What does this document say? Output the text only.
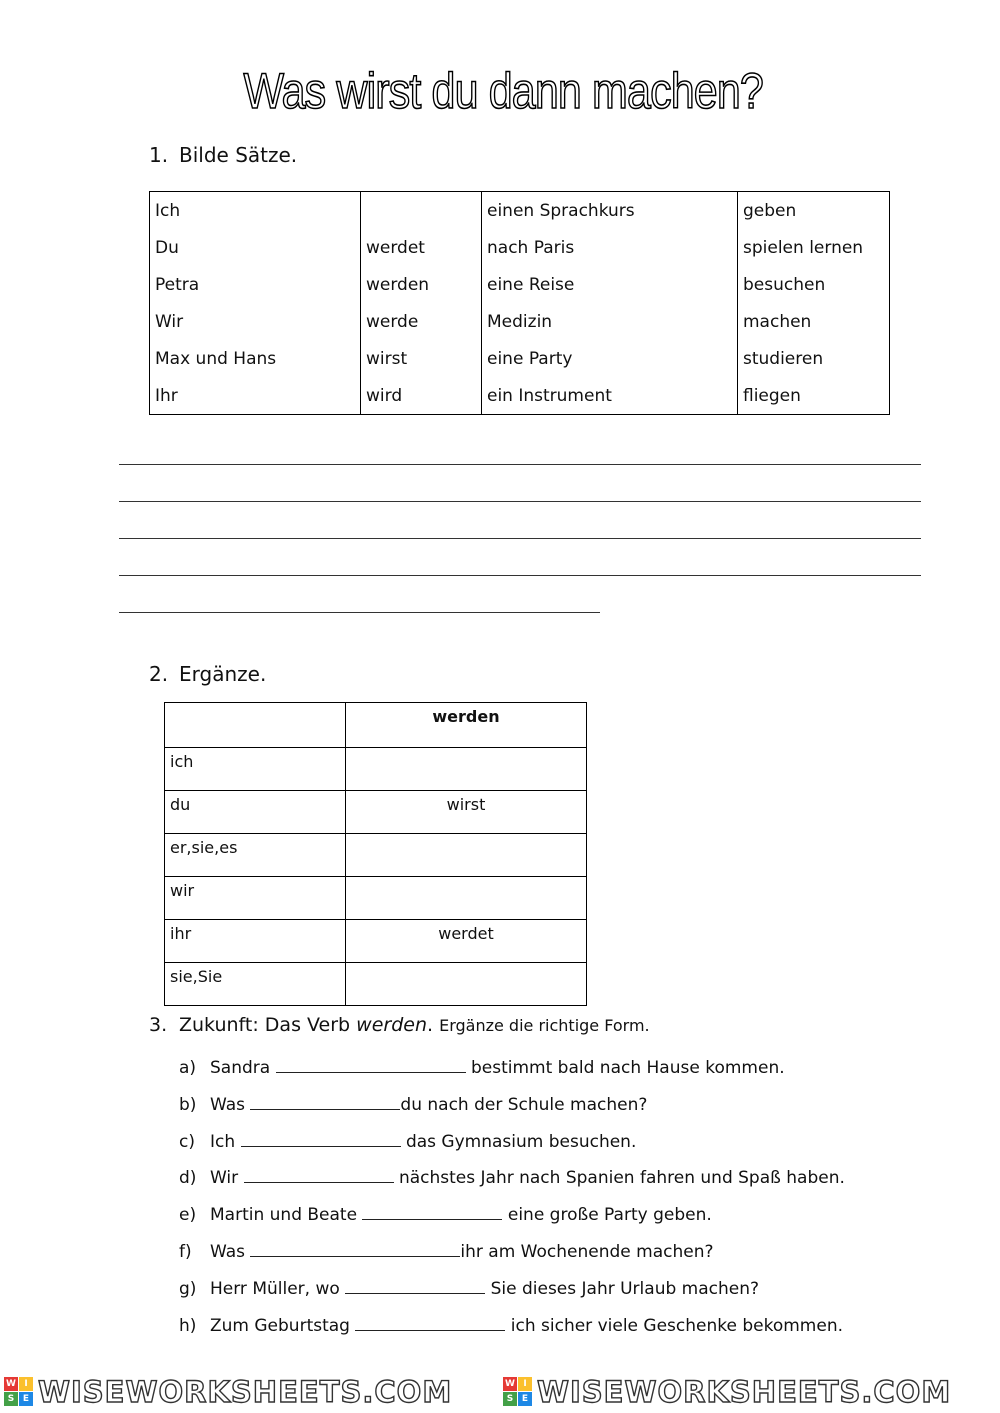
Was wirst du dann machen?
1. Bilde Sätze.
Ich		einen Sprachkurs	geben
Du	werdet	nach Paris	spielen lernen
Petra	werden	eine Reise	besuchen
Wir	werde	Medizin	machen
Max und Hans	wirst	eine Party	studieren
Ihr	wird	ein Instrument	fliegen
2. Ergänze.
	werden
ich	
du	wirst
er,sie,es	
wir	
ihr	werdet
sie,Sie	
3. Zukunft: Das Verb werden. Ergänze die richtige Form.
a) Sandra	bestimmt bald nach Hause kommen.
b) Was	du nach der Schule machen?
c) Ich	das Gymnasium besuchen.
d) Wir	nächstes Jahr nach Spanien fahren und Spaß haben.
e) Martin und Beate	eine große Party geben.
f) Was	ihr am Wochenende machen?
g) Herr Müller, wo	Sie dieses Jahr Urlaub machen?
h) Zum Geburtstag	ich sicher viele Geschenke bekommen.
W I
S E WISEWORKSHEETS.COM	W I
S E WISEWORKSHEETS.COM
